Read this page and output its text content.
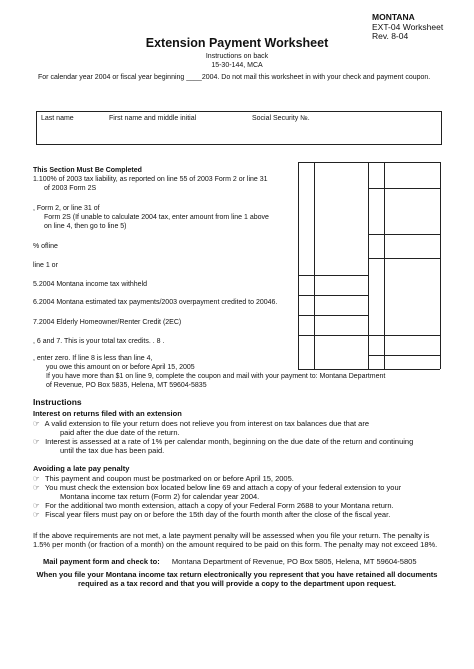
MONTANA
EXT-04 Worksheet
Rev. 8-04
Extension Payment Worksheet
Instructions on back
15-30-144, MCA
For calendar year 2004 or fiscal year beginning ____2004. Do not mail this worksheet in with your check and payment coupon.
Last name	First name and middle initial	Social Security №.
This Section Must Be Completed
1.100% of 2003 tax liability, as reported on line 55 of 2003 Form 2 or line 31
of 2003 Form 2S
, Form 2, or line 31 of
Form 2S (If unable to calculate 2004 tax, enter amount from line 1 above
on line 4, then go to line 5)
% ofline
line 1 or
5.2004 Montana income tax withheld
6.2004 Montana estimated tax payments/2003 overpayment credited to 20046.
7.2004 Elderly Homeowner/Renter Credit (2EC)
, 6 and 7. This is your total tax credits. . 8 .
, enter zero. If line 8 is less than line 4,
you owe this amount on or before April 15, 2005
If you have more than $1 on line 9, complete the coupon and mail with your payment to: Montana Department
of Revenue, PO Box 5835, Helena, MT 59604-5835
Instructions
Interest on returns filed with an extension
☞ A valid extension to file your return does not relieve you from interest on tax balances due that are
paid after the due date of the return.
☞ Interest is assessed at a rate of 1% per calendar month, beginning on the due date of the return and continuing
until the tax due has been paid.
Avoiding a late pay penalty
☞ This payment and coupon must be postmarked on or before April 15, 2005.
☞ You must check the extension box located below line 69 and attach a copy of your federal extension to your
Montana income tax return (Form 2) for calendar year 2004.
☞ For the additional two month extension, attach a copy of your Federal Form 2688 to your Montana return.
☞ Fiscal year filers must pay on or before the 15th day of the fourth month after the close of the fiscal year.
If the above requirements are not met, a late payment penalty will be assessed when you file your return. The penalty is
1.5% per month (or fraction of a month) on the amount required to be paid on this form. The penalty may not exceed 18%.
Mail payment form and check to: Montana Department of Revenue, PO Box 5805, Helena, MT 59604-5805
When you file your Montana income tax return electronically you represent that you have retained all documents
required as a tax record and that you will provide a copy to the department upon request.
